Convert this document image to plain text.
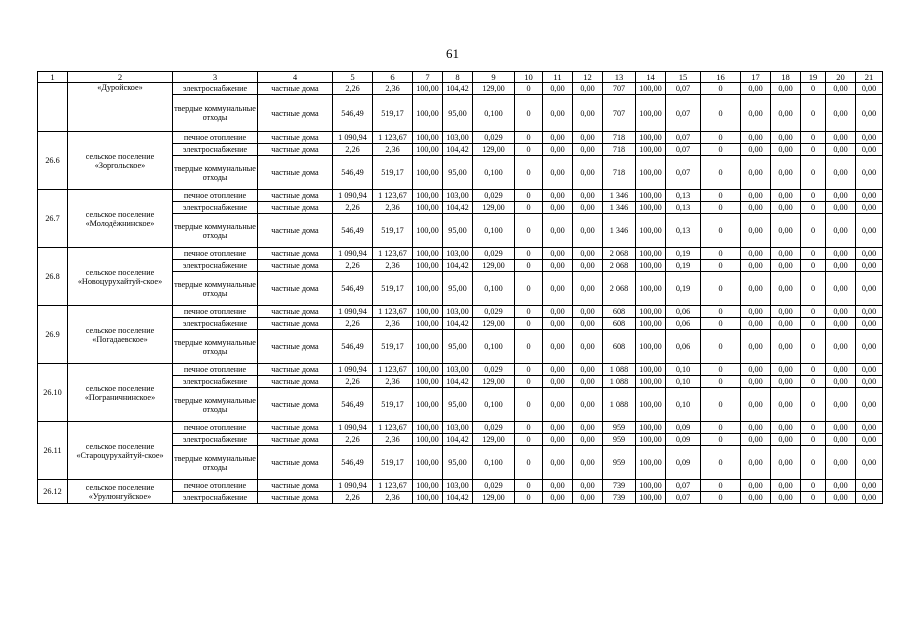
61
1	2	3	4	5	6	7	8	9	10	11	12	13	14	15	16	17	18	19	20	21
	«Дуройское»	электроснабжение	частные дома	2,26	2,36	100,00	104,42	129,00	0	0,00	0,00	707	100,00	0,07	0	0,00	0,00	0	0,00	0,00
		твердые коммунальные отходы	частные дома	546,49	519,17	100,00	95,00	0,100	0	0,00	0,00	707	100,00	0,07	0	0,00	0,00	0	0,00	0,00
26.6	сельское поселение «Зоргольское»	печное отопление	частные дома	1 090,94	1 123,67	100,00	103,00	0,029	0	0,00	0,00	718	100,00	0,07	0	0,00	0,00	0	0,00	0,00
		электроснабжение	частные дома	2,26	2,36	100,00	104,42	129,00	0	0,00	0,00	718	100,00	0,07	0	0,00	0,00	0	0,00	0,00
		твердые коммунальные отходы	частные дома	546,49	519,17	100,00	95,00	0,100	0	0,00	0,00	718	100,00	0,07	0	0,00	0,00	0	0,00	0,00
26.7	сельское поселение «Молодёжнинское»	печное отопление	частные дома	1 090,94	1 123,67	100,00	103,00	0,029	0	0,00	0,00	1 346	100,00	0,13	0	0,00	0,00	0	0,00	0,00
		электроснабжение	частные дома	2,26	2,36	100,00	104,42	129,00	0	0,00	0,00	1 346	100,00	0,13	0	0,00	0,00	0	0,00	0,00
		твердые коммунальные отходы	частные дома	546,49	519,17	100,00	95,00	0,100	0	0,00	0,00	1 346	100,00	0,13	0	0,00	0,00	0	0,00	0,00
26.8	сельское поселение «Новоцурухайтуй-ское»	печное отопление	частные дома	1 090,94	1 123,67	100,00	103,00	0,029	0	0,00	0,00	2 068	100,00	0,19	0	0,00	0,00	0	0,00	0,00
		электроснабжение	частные дома	2,26	2,36	100,00	104,42	129,00	0	0,00	0,00	2 068	100,00	0,19	0	0,00	0,00	0	0,00	0,00
		твердые коммунальные отходы	частные дома	546,49	519,17	100,00	95,00	0,100	0	0,00	0,00	2 068	100,00	0,19	0	0,00	0,00	0	0,00	0,00
26.9	сельское поселение «Погадаевское»	печное отопление	частные дома	1 090,94	1 123,67	100,00	103,00	0,029	0	0,00	0,00	608	100,00	0,06	0	0,00	0,00	0	0,00	0,00
		электроснабжение	частные дома	2,26	2,36	100,00	104,42	129,00	0	0,00	0,00	608	100,00	0,06	0	0,00	0,00	0	0,00	0,00
		твердые коммунальные отходы	частные дома	546,49	519,17	100,00	95,00	0,100	0	0,00	0,00	608	100,00	0,06	0	0,00	0,00	0	0,00	0,00
26.10	сельское поселение «Пограничнинское»	печное отопление	частные дома	1 090,94	1 123,67	100,00	103,00	0,029	0	0,00	0,00	1 088	100,00	0,10	0	0,00	0,00	0	0,00	0,00
		электроснабжение	частные дома	2,26	2,36	100,00	104,42	129,00	0	0,00	0,00	1 088	100,00	0,10	0	0,00	0,00	0	0,00	0,00
		твердые коммунальные отходы	частные дома	546,49	519,17	100,00	95,00	0,100	0	0,00	0,00	1 088	100,00	0,10	0	0,00	0,00	0	0,00	0,00
26.11	сельское поселение «Староцурухайтуй-ское»	печное отопление	частные дома	1 090,94	1 123,67	100,00	103,00	0,029	0	0,00	0,00	959	100,00	0,09	0	0,00	0,00	0	0,00	0,00
		электроснабжение	частные дома	2,26	2,36	100,00	104,42	129,00	0	0,00	0,00	959	100,00	0,09	0	0,00	0,00	0	0,00	0,00
		твердые коммунальные отходы	частные дома	546,49	519,17	100,00	95,00	0,100	0	0,00	0,00	959	100,00	0,09	0	0,00	0,00	0	0,00	0,00
26.12	сельское поселение «Урулюнгуйское»	печное отопление	частные дома	1 090,94	1 123,67	100,00	103,00	0,029	0	0,00	0,00	739	100,00	0,07	0	0,00	0,00	0	0,00	0,00
		электроснабжение	частные дома	2,26	2,36	100,00	104,42	129,00	0	0,00	0,00	739	100,00	0,07	0	0,00	0,00	0	0,00	0,00
